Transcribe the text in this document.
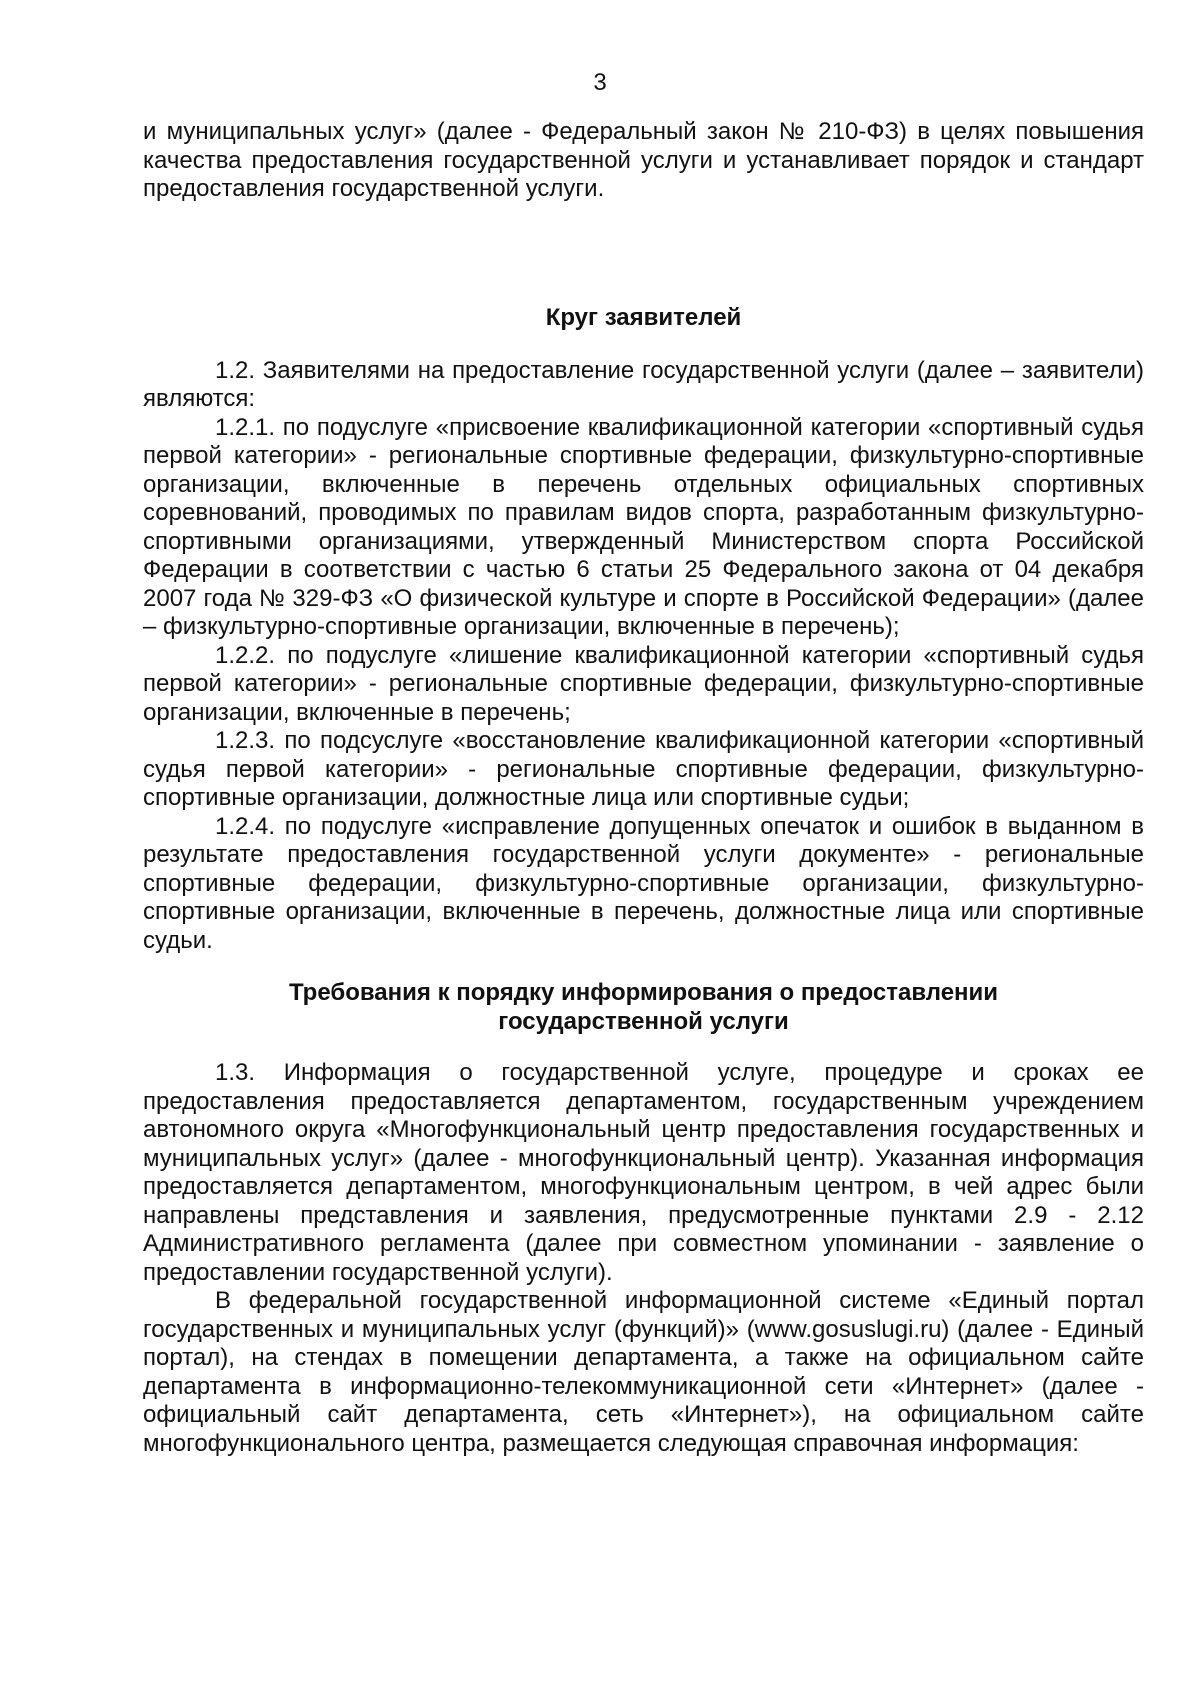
3

и муниципальных услуг» (далее - Федеральный закон № 210-ФЗ) в целях повышения качества предоставления государственной услуги и устанавливает порядок и стандарт предоставления государственной услуги.

Круг заявителей

1.2. Заявителями на предоставление государственной услуги (далее – заявители) являются:

1.2.1. по подуслуге «присвоение квалификационной категории «спортивный судья первой категории» - региональные спортивные федерации, физкультурно-спортивные организации, включенные в перечень отдельных официальных спортивных соревнований, проводимых по правилам видов спорта, разработанным физкультурно-спортивными организациями, утвержденный Министерством спорта Российской Федерации в соответствии с частью 6 статьи 25 Федерального закона от 04 декабря 2007 года № 329-ФЗ «О физической культуре и спорте в Российской Федерации» (далее – физкультурно-спортивные организации, включенные в перечень);

1.2.2. по подуслуге «лишение квалификационной категории «спортивный судья первой категории» - региональные спортивные федерации, физкультурно-спортивные организации, включенные в перечень;

1.2.3. по подсуслуге «восстановление квалификационной категории «спортивный судья первой категории» - региональные спортивные федерации, физкультурно-спортивные организации, должностные лица или спортивные судьи;

1.2.4. по подуслуге «исправление допущенных опечаток и ошибок в выданном в результате предоставления государственной услуги документе» - региональные спортивные федерации, физкультурно-спортивные организации, физкультурно-спортивные организации, включенные в перечень, должностные лица или спортивные судьи.

Требования к порядку информирования о предоставлении государственной услуги

1.3. Информация о государственной услуге, процедуре и сроках ее предоставления предоставляется департаментом, государственным учреждением автономного округа «Многофункциональный центр предоставления государственных и муниципальных услуг» (далее - многофункциональный центр). Указанная информация предоставляется департаментом, многофункциональным центром, в чей адрес были направлены представления и заявления, предусмотренные пунктами 2.9 - 2.12 Административного регламента (далее при совместном упоминании - заявление о предоставлении государственной услуги).

В федеральной государственной информационной системе «Единый портал государственных и муниципальных услуг (функций)» (www.gosuslugi.ru) (далее - Единый портал), на стендах в помещении департамента, а также на официальном сайте департамента в информационно-телекоммуникационной сети «Интернет» (далее - официальный сайт департамента, сеть «Интернет»), на официальном сайте многофункционального центра, размещается следующая справочная информация:
